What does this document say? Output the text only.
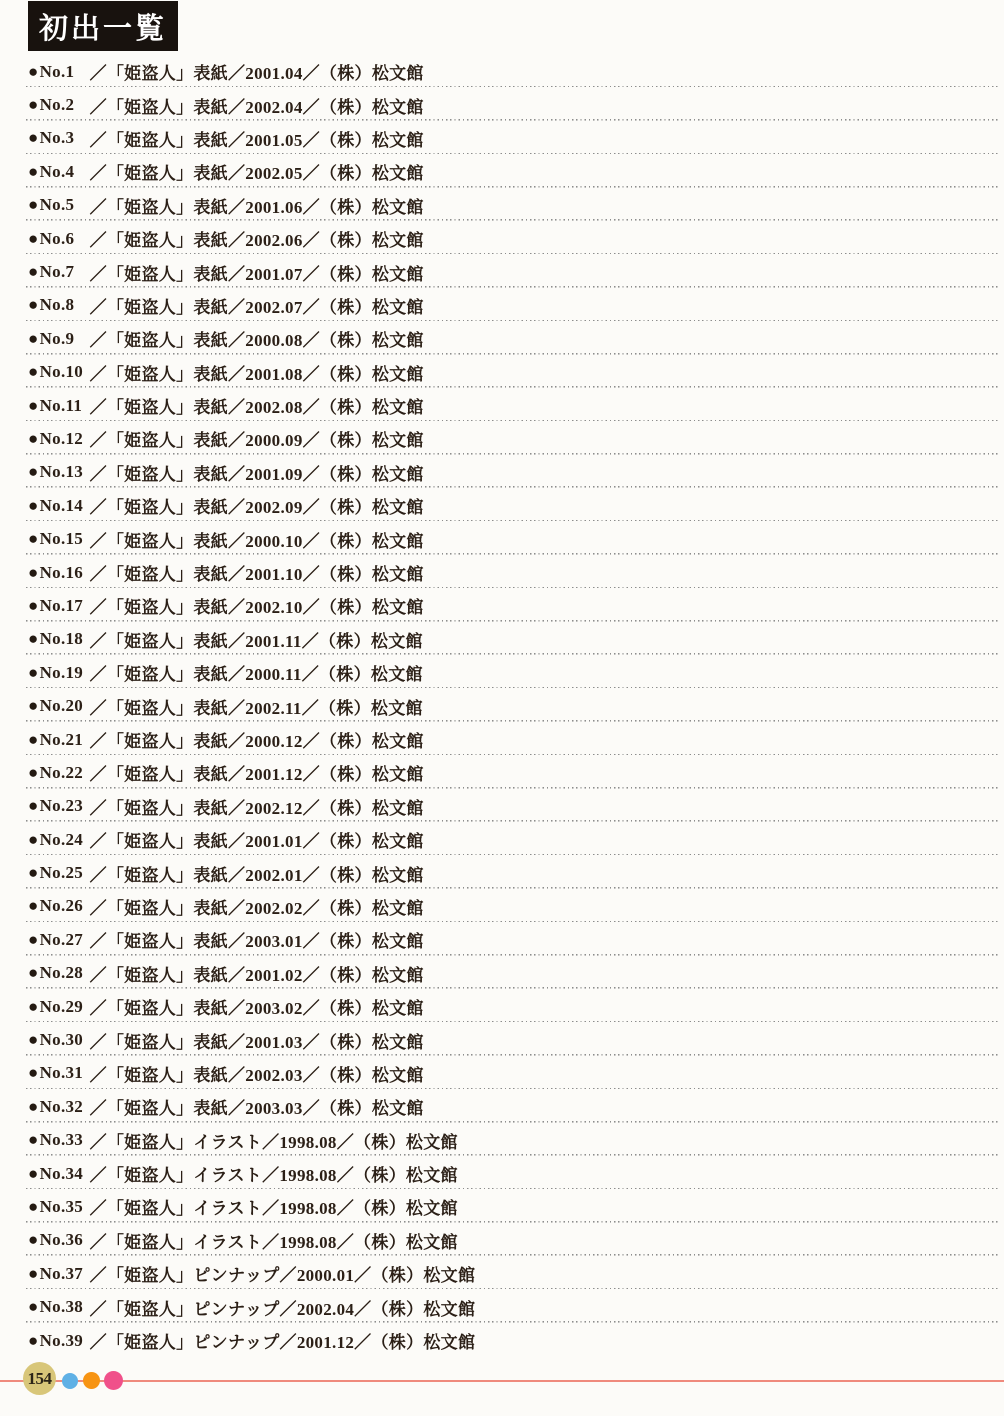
初出一覧
● No.1 ／「姫盗人」表紙／2001.04／（株）松文館
● No.2 ／「姫盗人」表紙／2002.04／（株）松文館
● No.3 ／「姫盗人」表紙／2001.05／（株）松文館
● No.4 ／「姫盗人」表紙／2002.05／（株）松文館
● No.5 ／「姫盗人」表紙／2001.06／（株）松文館
● No.6 ／「姫盗人」表紙／2002.06／（株）松文館
● No.7 ／「姫盗人」表紙／2001.07／（株）松文館
● No.8 ／「姫盗人」表紙／2002.07／（株）松文館
● No.9 ／「姫盗人」表紙／2000.08／（株）松文館
● No.10 ／「姫盗人」表紙／2001.08／（株）松文館
● No.11 ／「姫盗人」表紙／2002.08／（株）松文館
● No.12 ／「姫盗人」表紙／2000.09／（株）松文館
● No.13 ／「姫盗人」表紙／2001.09／（株）松文館
● No.14 ／「姫盗人」表紙／2002.09／（株）松文館
● No.15 ／「姫盗人」表紙／2000.10／（株）松文館
● No.16 ／「姫盗人」表紙／2001.10／（株）松文館
● No.17 ／「姫盗人」表紙／2002.10／（株）松文館
● No.18 ／「姫盗人」表紙／2001.11／（株）松文館
● No.19 ／「姫盗人」表紙／2000.11／（株）松文館
● No.20 ／「姫盗人」表紙／2002.11／（株）松文館
● No.21 ／「姫盗人」表紙／2000.12／（株）松文館
● No.22 ／「姫盗人」表紙／2001.12／（株）松文館
● No.23 ／「姫盗人」表紙／2002.12／（株）松文館
● No.24 ／「姫盗人」表紙／2001.01／（株）松文館
● No.25 ／「姫盗人」表紙／2002.01／（株）松文館
● No.26 ／「姫盗人」表紙／2002.02／（株）松文館
● No.27 ／「姫盗人」表紙／2003.01／（株）松文館
● No.28 ／「姫盗人」表紙／2001.02／（株）松文館
● No.29 ／「姫盗人」表紙／2003.02／（株）松文館
● No.30 ／「姫盗人」表紙／2001.03／（株）松文館
● No.31 ／「姫盗人」表紙／2002.03／（株）松文館
● No.32 ／「姫盗人」表紙／2003.03／（株）松文館
● No.33 ／「姫盗人」イラスト／1998.08／（株）松文館
● No.34 ／「姫盗人」イラスト／1998.08／（株）松文館
● No.35 ／「姫盗人」イラスト／1998.08／（株）松文館
● No.36 ／「姫盗人」イラスト／1998.08／（株）松文館
● No.37 ／「姫盗人」ピンナップ／2000.01／（株）松文館
● No.38 ／「姫盗人」ピンナップ／2002.04／（株）松文館
● No.39 ／「姫盗人」ピンナップ／2001.12／（株）松文館
154
